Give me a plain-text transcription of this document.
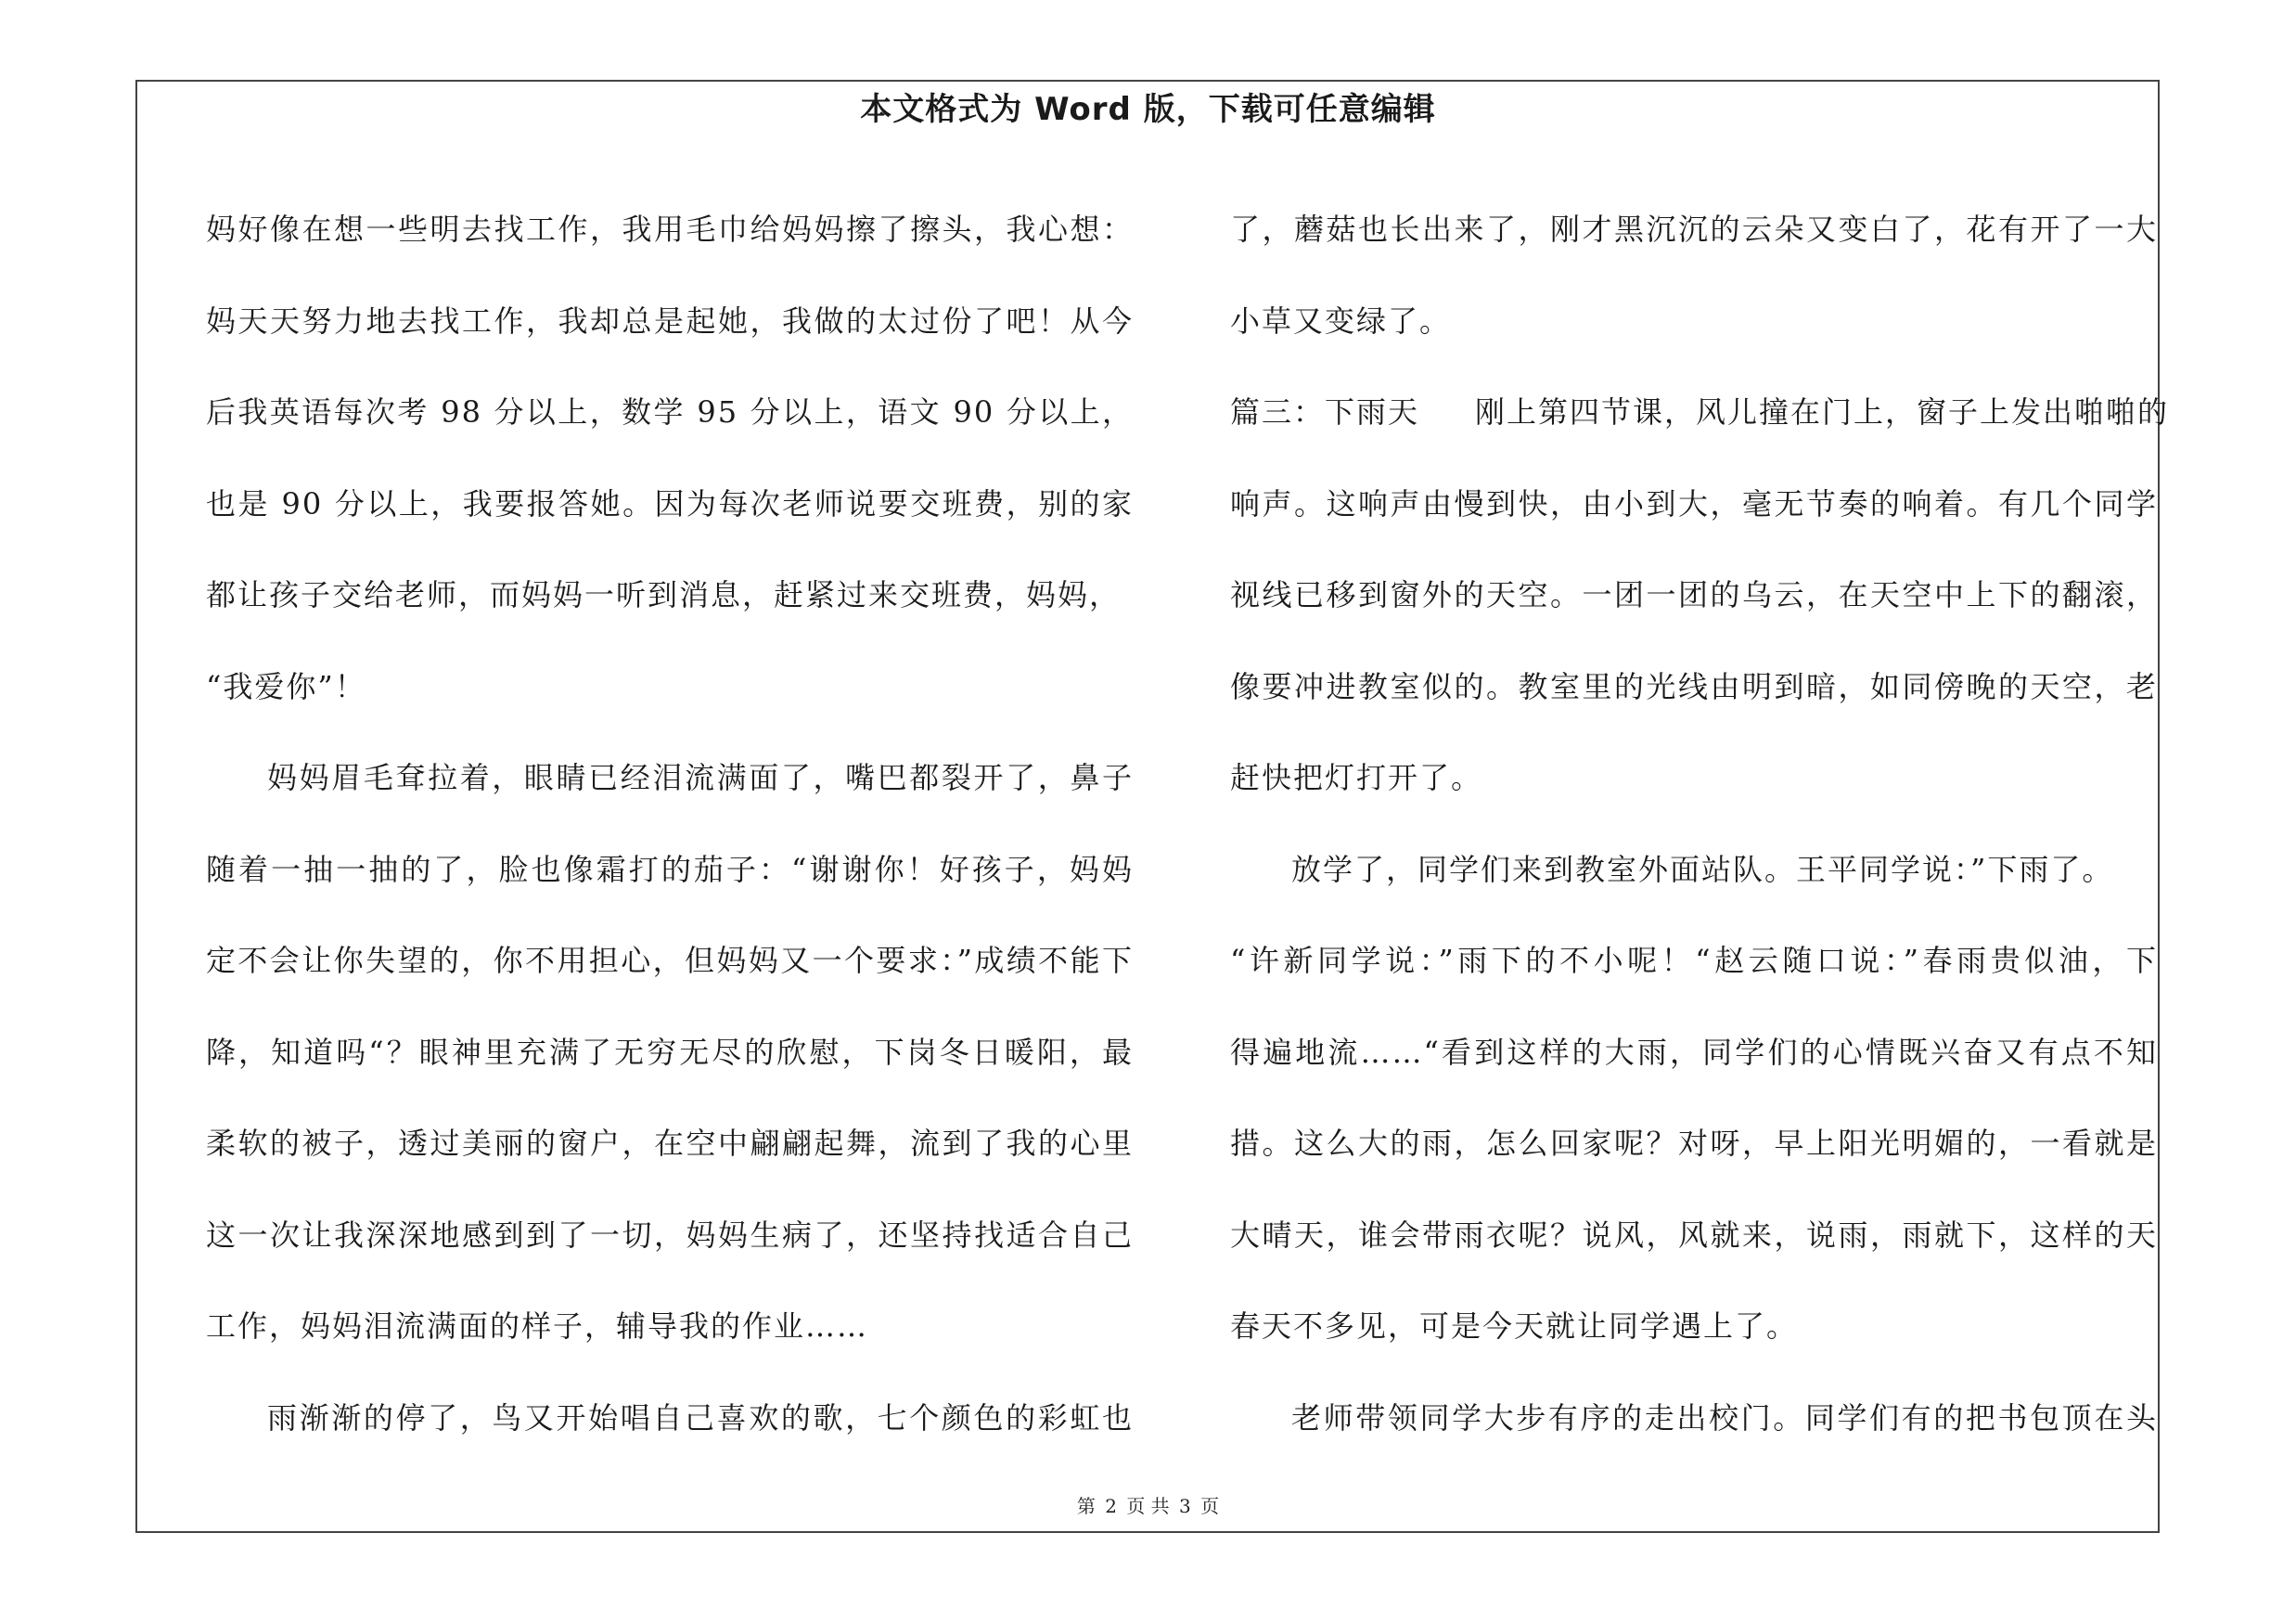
本文格式为 Word 版，下载可任意编辑
妈好像在想一些明去找工作，我用毛巾给妈妈擦了擦头，我心想：
妈天天努力地去找工作，我却总是起她，我做的太过份了吧！从今
后我英语每次考 98 分以上，数学 95 分以上，语文 90 分以上，
也是 90 分以上，我要报答她。因为每次老师说要交班费，别的家
都让孩子交给老师，而妈妈一听到消息，赶紧过来交班费，妈妈，
“我爱你”！
妈妈眉毛耷拉着，眼睛已经泪流满面了，嘴巴都裂开了，鼻子
随着一抽一抽的了，脸也像霜打的茄子：“谢谢你！好孩子，妈妈
定不会让你失望的，你不用担心，但妈妈又一个要求：”成绩不能下
降，知道吗“？眼神里充满了无穷无尽的欣慰，下岗冬日暖阳，最
柔软的被子，透过美丽的窗户，在空中翩翩起舞，流到了我的心里
这一次让我深深地感到到了一切，妈妈生病了，还坚持找适合自己
工作，妈妈泪流满面的样子，辅导我的作业……
雨渐渐的停了，鸟又开始唱自己喜欢的歌，七个颜色的彩虹也
了，蘑菇也长出来了，刚才黑沉沉的云朵又变白了，花有开了一大
小草又变绿了。
篇三：下雨天 刚上第四节课，风儿撞在门上，窗子上发出啪啪的
响声。这响声由慢到快，由小到大，毫无节奏的响着。有几个同学
视线已移到窗外的天空。一团一团的乌云，在天空中上下的翻滚，
像要冲进教室似的。教室里的光线由明到暗，如同傍晚的天空，老
赶快把灯打开了。
放学了，同学们来到教室外面站队。王平同学说：”下雨了。
“许新同学说：”雨下的不小呢！“赵云随口说：”春雨贵似油，下
得遍地流……“看到这样的大雨，同学们的心情既兴奋又有点不知
措。这么大的雨，怎么回家呢？对呀，早上阳光明媚的，一看就是
大晴天，谁会带雨衣呢？说风，风就来，说雨，雨就下，这样的天
春天不多见，可是今天就让同学遇上了。
老师带领同学大步有序的走出校门。同学们有的把书包顶在头
第 2 页 共 3 页
